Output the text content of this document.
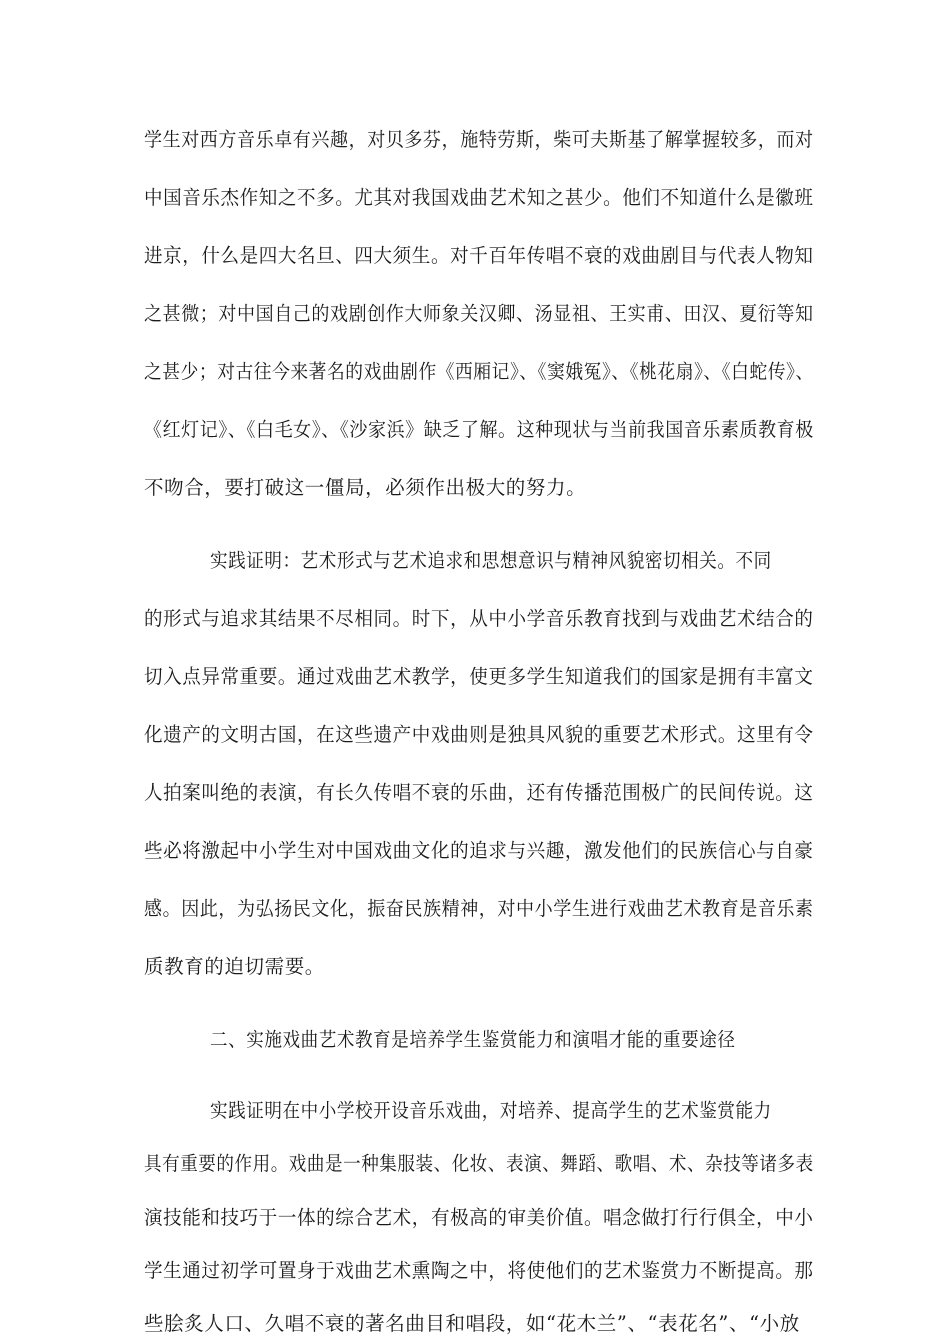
学生对西方音乐卓有兴趣，对贝多芬，施特劳斯，柴可夫斯基了解掌握较多，而对
中国音乐杰作知之不多。尤其对我国戏曲艺术知之甚少。他们不知道什么是徽班
进京，什么是四大名旦、四大须生。对千百年传唱不衰的戏曲剧目与代表人物知
之甚微；对中国自己的戏剧创作大师象关汉卿、汤显祖、王实甫、田汉、夏衍等知
之甚少；对古往今来著名的戏曲剧作《西厢记》、《窦娥冤》、《桃花扇》、《白蛇传》、
《红灯记》、《白毛女》、《沙家浜》缺乏了解。这种现状与当前我国音乐素质教育极
不吻合，要打破这一僵局，必须作出极大的努力。
实践证明：艺术形式与艺术追求和思想意识与精神风貌密切相关。不同
的形式与追求其结果不尽相同。时下，从中小学音乐教育找到与戏曲艺术结合的
切入点异常重要。通过戏曲艺术教学，使更多学生知道我们的国家是拥有丰富文
化遗产的文明古国，在这些遗产中戏曲则是独具风貌的重要艺术形式。这里有令
人拍案叫绝的表演，有长久传唱不衰的乐曲，还有传播范围极广的民间传说。这
些必将激起中小学生对中国戏曲文化的追求与兴趣，激发他们的民族信心与自豪
感。因此，为弘扬民文化，振奋民族精神，对中小学生进行戏曲艺术教育是音乐素
质教育的迫切需要。
二、实施戏曲艺术教育是培养学生鉴赏能力和演唱才能的重要途径
实践证明在中小学校开设音乐戏曲，对培养、提高学生的艺术鉴赏能力
具有重要的作用。戏曲是一种集服装、化妆、表演、舞蹈、歌唱、术、杂技等诸多表
演技能和技巧于一体的综合艺术，有极高的审美价值。唱念做打行行俱全，中小
学生通过初学可置身于戏曲艺术熏陶之中，将使他们的艺术鉴赏力不断提高。那
些脍炙人口、久唱不衰的著名曲目和唱段，如“花木兰”、“表花名”、“小放
